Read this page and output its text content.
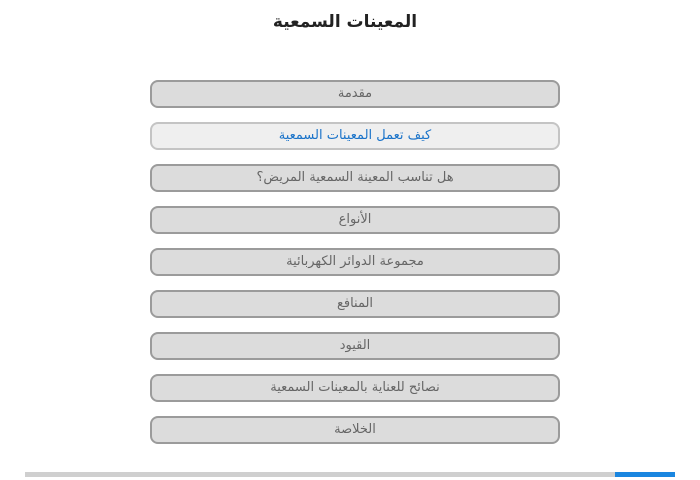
المعينات السمعية
مقدمة
كيف تعمل المعينات السمعية
هل تناسب المعينة السمعية المريض؟
الأنواع
مجموعة الدوائر الكهربائية
المنافع
القيود
نصائح للعناية بالمعينات السمعية
الخلاصة
